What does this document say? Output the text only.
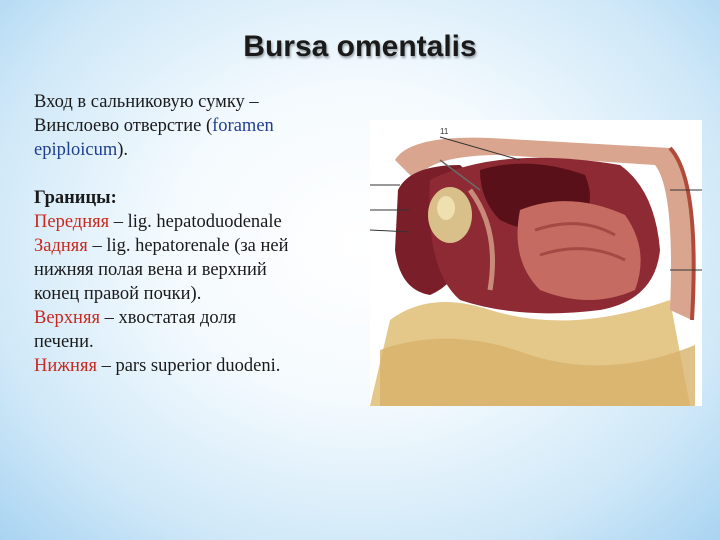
Bursa omentalis

Вход в сальниковую сумку –

Винслоево отверстие (foramen

epiploicum).

Границы:

Передняя – lig. hepatoduodenale

Задняя – lig. hepatorenale (за ней

нижняя полая вена и верхний

конец правой почки).

Верхняя – хвостатая доля

печени.

Нижняя – pars superior duodeni.

11
